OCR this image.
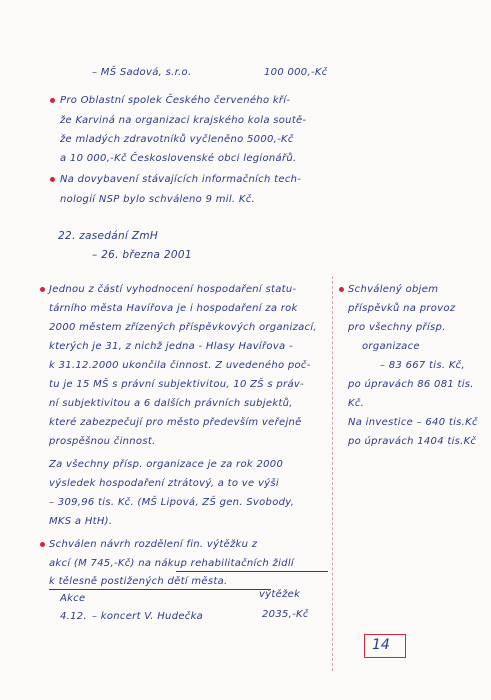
– MŠ Sadová, s.r.o.	100 000,-Kč
Pro Oblastní spolek Českého červeného kří-
že Karviná na organizaci krajského kola soutě-
že mladých zdravotníků vyčleněno 5000,-Kč
a 10 000,-Kč Československé obci legionářů.
Na dovybavení stávajících informačních tech-
nologií NSP bylo schváleno 9 mil. Kč.
22. zasedání ZmH
– 26. března 2001
Jednou z částí vyhodnocení hospodaření statu-
tárního města Havířova je i hospodaření za rok
2000 městem zřízených příspěvkových organizací,
kterých je 31, z nichž jedna - Hlasy Havířova -
k 31.12.2000 ukončila činnost. Z uvedeného poč-
tu je 15 MŠ s právní subjektivitou, 10 ZŠ s práv-
ní subjektivitou a 6 dalších právních subjektů,
které zabezpečují pro město především veřejně
prospěšnou činnost.
Za všechny přísp. organizace je za rok 2000
výsledek hospodaření ztrátový, a to ve výši
– 309,96 tis. Kč. (MŠ Lipová, ZŠ gen. Svobody,
MKS a HtH).
Schválen návrh rozdělení fin. výtěžku z
akcí (M 745,-Kč) na nákup rehabilitačních židlí
k tělesně postižených dětí města.
Akce	výtěžek
4.12. – koncert V. Hudečka	2035,-Kč
Schválený objem
příspěvků na provoz
pro všechny přísp.
organizace
– 83 667 tis. Kč,
po úpravách 86 081 tis.
Kč.
Na investice – 640 tis.Kč
po úpravách 1404 tis.Kč
14
